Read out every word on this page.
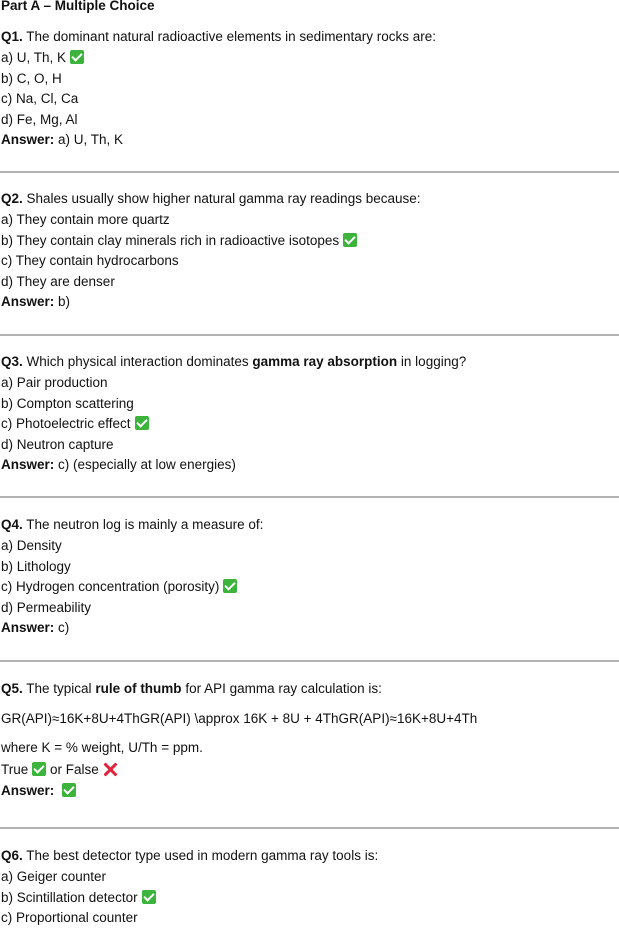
Part A – Multiple Choice
Q1. The dominant natural radioactive elements in sedimentary rocks are:
a) U, Th, K
b) C, O, H
c) Na, Cl, Ca
d) Fe, Mg, Al
Answer: a) U, Th, K
Q2. Shales usually show higher natural gamma ray readings because:
a) They contain more quartz
b) They contain clay minerals rich in radioactive isotopes
c) They contain hydrocarbons
d) They are denser
Answer: b)
Q3. Which physical interaction dominates gamma ray absorption in logging?
a) Pair production
b) Compton scattering
c) Photoelectric effect
d) Neutron capture
Answer: c) (especially at low energies)
Q4. The neutron log is mainly a measure of:
a) Density
b) Lithology
c) Hydrogen concentration (porosity)
d) Permeability
Answer: c)
Q5. The typical rule of thumb for API gamma ray calculation is:
GR(API)≈16K+8U+4ThGR(API) \approx 16K + 8U + 4ThGR(API)≈16K+8U+4Th
where K = % weight, U/Th = ppm.
True or False
Answer:
Q6. The best detector type used in modern gamma ray tools is:
a) Geiger counter
b) Scintillation detector
c) Proportional counter
